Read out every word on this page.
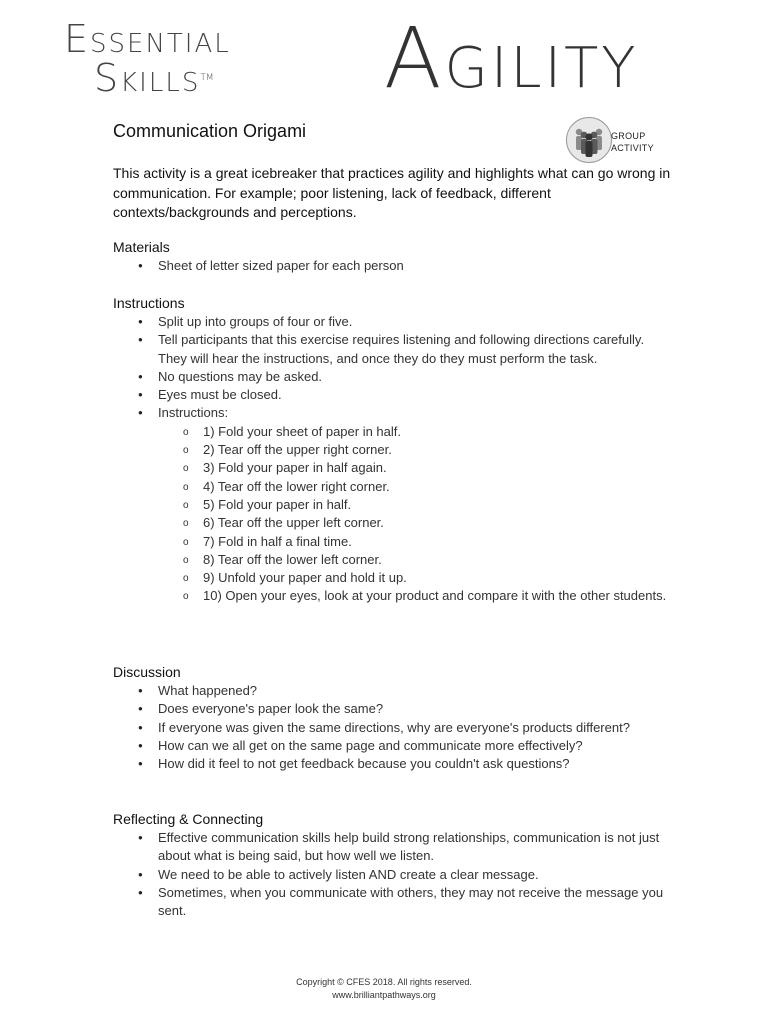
ESSENTIAL
SKILLS™ AGILITY
Communication Origami	GROUP
ACTIVITY

This activity is a great icebreaker that practices agility and highlights what can go wrong in communication. For example; poor listening, lack of feedback, different contexts/backgrounds and perceptions.

Materials
● Sheet of letter sized paper for each person
Instructions
● Split up into groups of four or five.
● Tell participants that this exercise requires listening and following directions carefully. They will hear the instructions, and once they do they must perform the task.
● No questions may be asked.
● Eyes must be closed.
● Instructions:
o 1) Fold your sheet of paper in half.
o 2) Tear off the upper right corner.
o 3) Fold your paper in half again.
o 4) Tear off the lower right corner.
o 5) Fold your paper in half.
o 6) Tear off the upper left corner.
o 7) Fold in half a final time.
o 8) Tear off the lower left corner.
o 9) Unfold your paper and hold it up.
o 10) Open your eyes, look at your product and compare it with the other students.
Discussion
● What happened?
● Does everyone's paper look the same?
● If everyone was given the same directions, why are everyone's products different?
● How can we all get on the same page and communicate more effectively?
● How did it feel to not get feedback because you couldn't ask questions?
Reflecting & Connecting
● Effective communication skills help build strong relationships, communication is not just about what is being said, but how well we listen.
● We need to be able to actively listen AND create a clear message.
● Sometimes, when you communicate with others, they may not receive the message you sent.
Copyright © CFES 2018. All rights reserved.
www.brilliantpathways.org
